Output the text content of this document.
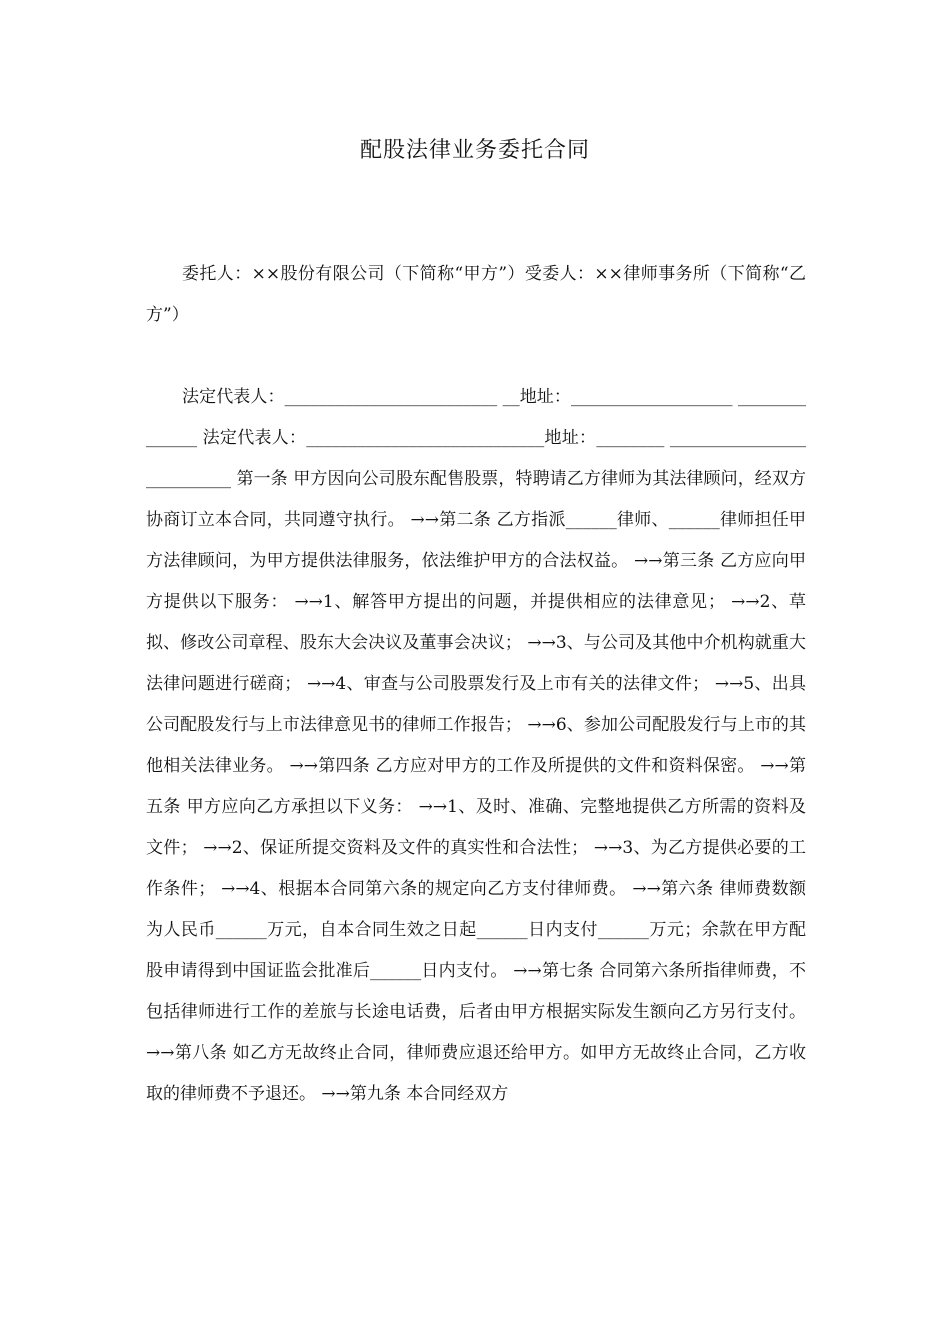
配股法律业务委托合同

委托人：××股份有限公司（下简称“甲方”）受委人：××律师事务所（下简称“乙方”）

法定代表人：_________________________ __地址：___________________ ______________ 法定代表人：____________________________地址：________ __________________________ 第一条 甲方因向公司股东配售股票，特聘请乙方律师为其法律顾问，经双方协商订立本合同，共同遵守执行。 →→第二条 乙方指派______律师、______律师担任甲方法律顾问，为甲方提供法律服务，依法维护甲方的合法权益。 →→第三条 乙方应向甲方提供以下服务： →→1、解答甲方提出的问题，并提供相应的法律意见； →→2、草拟、修改公司章程、股东大会决议及董事会决议； →→3、与公司及其他中介机构就重大法律问题进行磋商； →→4、审查与公司股票发行及上市有关的法律文件； →→5、出具公司配股发行与上市法律意见书的律师工作报告； →→6、参加公司配股发行与上市的其他相关法律业务。 →→第四条 乙方应对甲方的工作及所提供的文件和资料保密。 →→第五条 甲方应向乙方承担以下义务： →→1、及时、准确、完整地提供乙方所需的资料及文件； →→2、保证所提交资料及文件的真实性和合法性； →→3、为乙方提供必要的工作条件； →→4、根据本合同第六条的规定向乙方支付律师费。 →→第六条 律师费数额为人民币______万元，自本合同生效之日起______日内支付______万元；余款在甲方配股申请得到中国证监会批准后______日内支付。 →→第七条 合同第六条所指律师费，不包括律师进行工作的差旅与长途电话费，后者由甲方根据实际发生额向乙方另行支付。 →→第八条 如乙方无故终止合同，律师费应退还给甲方。如甲方无故终止合同，乙方收取的律师费不予退还。 →→第九条 本合同经双方
